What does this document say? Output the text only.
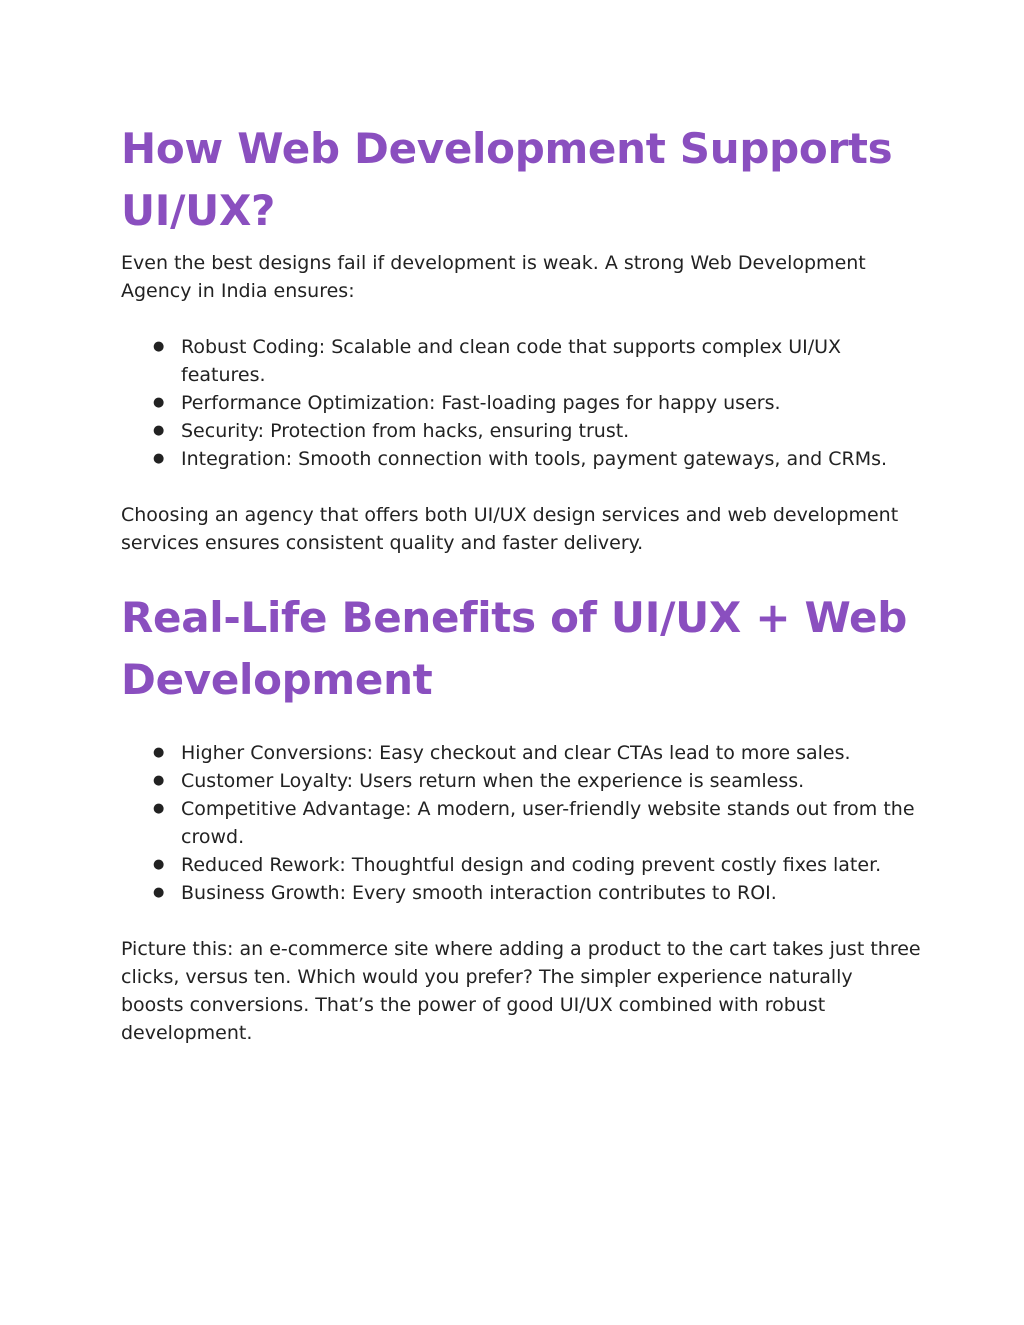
How Web Development Supports UI/UX?

Even the best designs fail if development is weak. A strong Web Development Agency in India ensures:

● Robust Coding: Scalable and clean code that supports complex UI/UX features.
● Performance Optimization: Fast-loading pages for happy users.
● Security: Protection from hacks, ensuring trust.
● Integration: Smooth connection with tools, payment gateways, and CRMs.

Choosing an agency that offers both UI/UX design services and web development services ensures consistent quality and faster delivery.

Real-Life Benefits of UI/UX + Web Development
● Higher Conversions: Easy checkout and clear CTAs lead to more sales.
● Customer Loyalty: Users return when the experience is seamless.
● Competitive Advantage: A modern, user-friendly website stands out from the crowd.
● Reduced Rework: Thoughtful design and coding prevent costly fixes later.
● Business Growth: Every smooth interaction contributes to ROI.

Picture this: an e-commerce site where adding a product to the cart takes just three clicks, versus ten. Which would you prefer? The simpler experience naturally boosts conversions. That’s the power of good UI/UX combined with robust development.
